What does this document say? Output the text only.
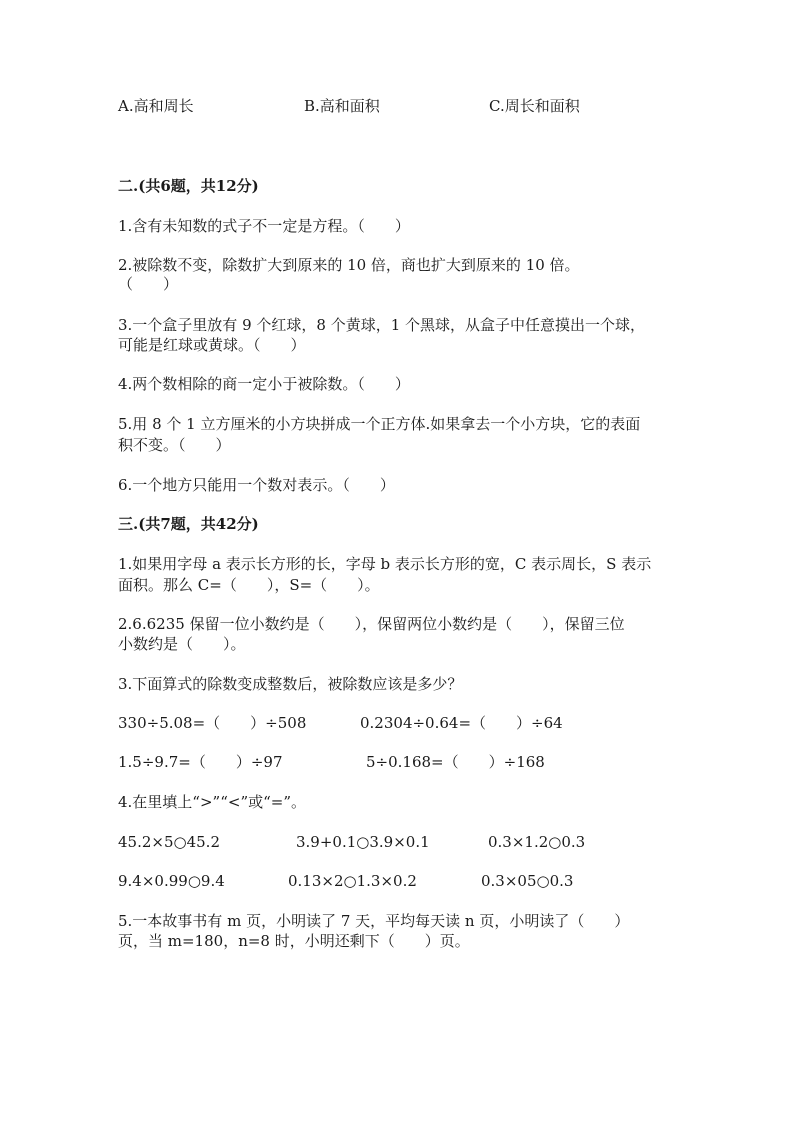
A.高和周长	B.高和面积	C.周长和面积
二.(共6题，共12分)
1.含有未知数的式子不一定是方程。（　　）
2.被除数不变，除数扩大到原来的 10 倍，商也扩大到原来的 10 倍。
（　　）
3.一个盒子里放有 9 个红球，8 个黄球，1 个黑球，从盒子中任意摸出一个球，
可能是红球或黄球。（　　）
4.两个数相除的商一定小于被除数。（　　）
5.用 8 个 1 立方厘米的小方块拼成一个正方体.如果拿去一个小方块，它的表面
积不变。（　　）
6.一个地方只能用一个数对表示。（　　）
三.(共7题，共42分)
1.如果用字母 a 表示长方形的长，字母 b 表示长方形的宽，C 表示周长，S 表示
面积。那么 C=（　　），S=（　　）。
2.6.6235 保留一位小数约是（　　），保留两位小数约是（　　），保留三位
小数约是（　　）。
3.下面算式的除数变成整数后，被除数应该是多少？
330÷5.08=（　　）÷508	0.2304÷0.64=（　　）÷64
1.5÷9.7=（　　）÷97	5÷0.168=（　　）÷168
4.在里填上“>”“<”或“=”。
45.2×5○45.2	3.9+0.1○3.9×0.1	0.3×1.2○0.3
9.4×0.99○9.4	0.13×2○1.3×0.2	0.3×05○0.3
5.一本故事书有 m 页，小明读了 7 天，平均每天读 n 页，小明读了（　　）
页，当 m=180，n=8 时，小明还剩下（　　）页。
